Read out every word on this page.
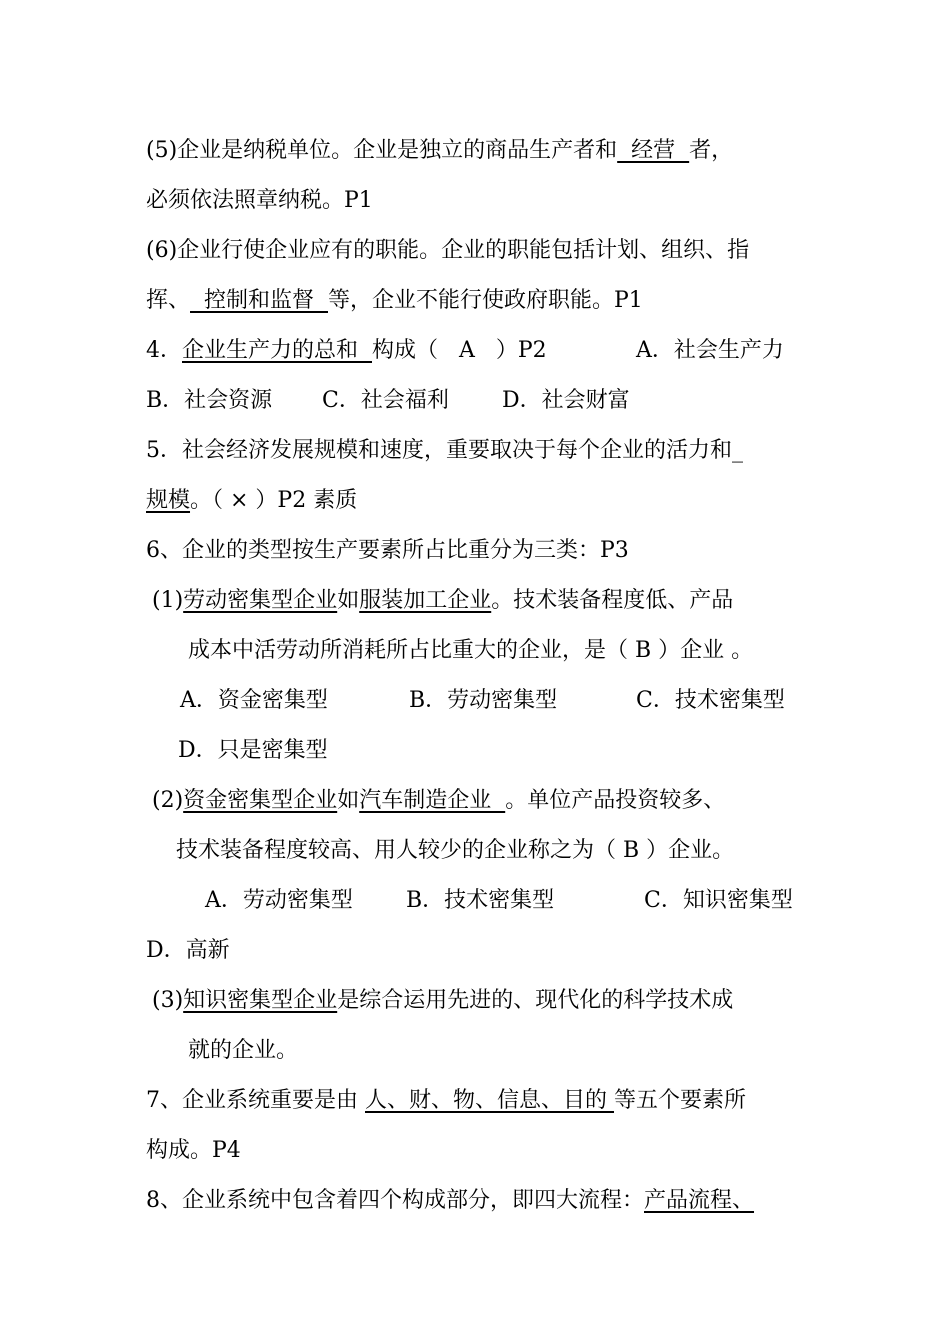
(5)企业是纳税单位。企业是独立的商品生产者和  经营  者，
必须依法照章纳税。P1
(6)企业行使企业应有的职能。企业的职能包括计划、组织、指
挥、  控制和监督  等，企业不能行使政府职能。P1
4．企业生产力的总和  构成（   A   ）P2	A．社会生产力
B．社会资源 C．社会福利 D．社会财富
5．社会经济发展规模和速度，重要取决于每个企业的活力和_
规模。（ × ）P2 素质
6、企业的类型按生产要素所占比重分为三类：P3
(1)劳动密集型企业如服装加工企业。技术装备程度低、产品
成本中活劳动所消耗所占比重大的企业，是（ B ）企业 。
A．资金密集型	B．劳动密集型	C．技术密集型
D．只是密集型
(2)资金密集型企业如汽车制造企业  。单位产品投资较多、
技术装备程度较高、用人较少的企业称之为（ B ）企业。
A．劳动密集型 B．技术密集型	C．知识密集型
D．高新
(3)知识密集型企业是综合运用先进的、现代化的科学技术成
就的企业。
7、企业系统重要是由 人、财、物、信息、目的 等五个要素所
构成。P4
8、企业系统中包含着四个构成部分，即四大流程：产品流程、
